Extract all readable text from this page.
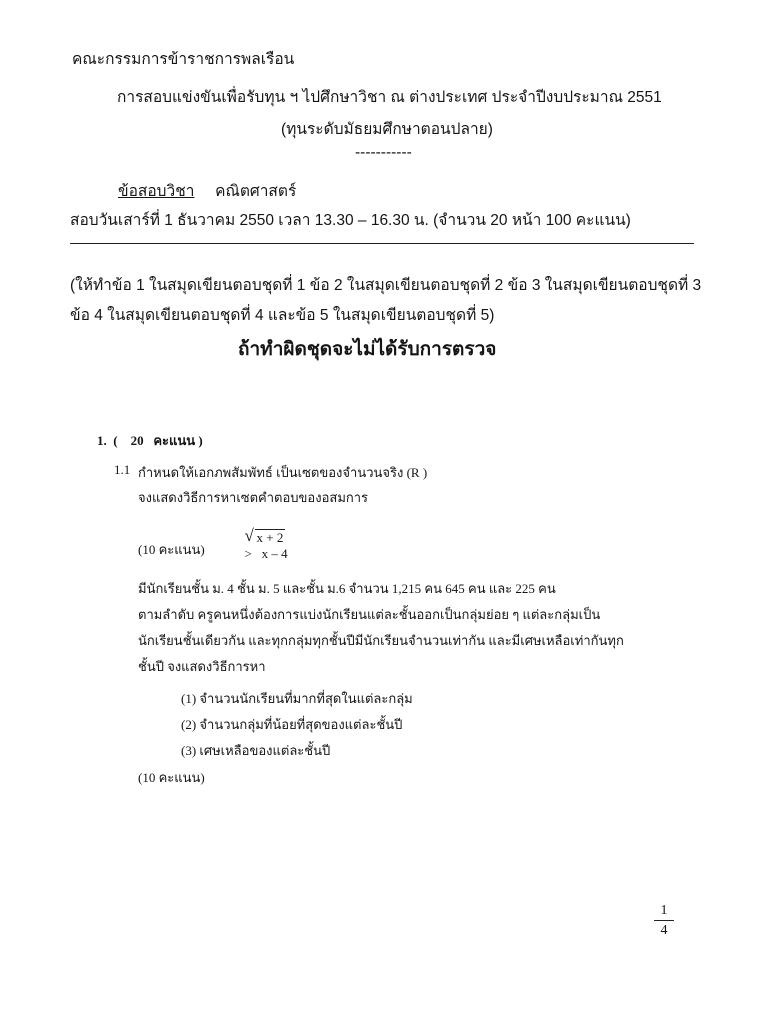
คณะกรรมการข้าราชการพลเรือน
การสอบแข่งขันเพื่อรับทุน ฯ ไปศึกษาวิชา ณ ต่างประเทศ ประจำปีงบประมาณ 2551
(ทุนระดับมัธยมศึกษาตอนปลาย)
-----------
ข้อสอบวิชา คณิตศาสตร์
สอบวันเสาร์ที่ 1 ธันวาคม 2550 เวลา 13.30 – 16.30 น. (จำนวน 20 หน้า 100 คะแนน)
(ให้ทำข้อ 1 ในสมุดเขียนตอบชุดที่ 1 ข้อ 2 ในสมุดเขียนตอบชุดที่ 2 ข้อ 3 ในสมุดเขียนตอบชุดที่ 3
ข้อ 4 ในสมุดเขียนตอบชุดที่ 4 และข้อ 5 ในสมุดเขียนตอบชุดที่ 5)
ถ้าทำผิดชุดจะไม่ได้รับการตรวจ
1.  (    20   คะแนน )
1.1 กำหนดให้เอกภพสัมพัทธ์ เป็นเซตของจำนวนจริง (R )
จงแสดงวิธีการหาเซตคำตอบของอสมการ

√ x + 2
>   x – 4

(10 คะแนน)
มีนักเรียนชั้น ม. 4 ชั้น ม. 5 และชั้น ม.6 จำนวน 1,215 คน 645 คน และ 225 คน
ตามลำดับ ครูคนหนึ่งต้องการแบ่งนักเรียนแต่ละชั้นออกเป็นกลุ่มย่อย ๆ แต่ละกลุ่มเป็น
นักเรียนชั้นเดียวกัน และทุกกลุ่มทุกชั้นปีมีนักเรียนจำนวนเท่ากัน และมีเศษเหลือเท่ากันทุก
ชั้นปี จงแสดงวิธีการหา
(1) จำนวนนักเรียนที่มากที่สุดในแต่ละกลุ่ม
(2) จำนวนกลุ่มที่น้อยที่สุดของแต่ละชั้นปี
(3) เศษเหลือของแต่ละชั้นปี
(10 คะแนน)
1
4
